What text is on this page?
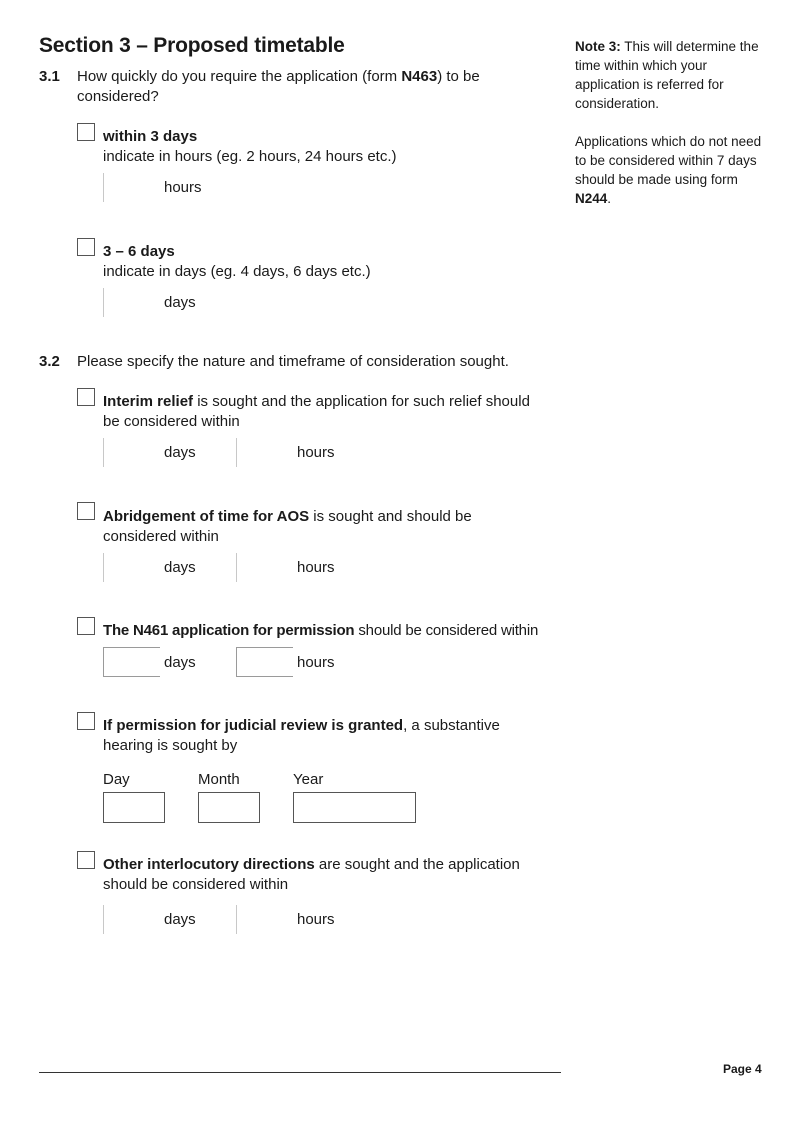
Section 3 – Proposed timetable
3.1 How quickly do you require the application (form N463) to be considered?
within 3 days
indicate in hours (eg. 2 hours, 24 hours etc.)
hours
3 – 6 days
indicate in days (eg. 4 days, 6 days etc.)
days
3.2 Please specify the nature and timeframe of consideration sought.
Interim relief is sought and the application for such relief should be considered within
days	hours
Abridgement of time for AOS is sought and should be considered within
days	hours
The N461 application for permission should be considered within
days	hours
If permission for judicial review is granted, a substantive hearing is sought by
Day	Month	Year
Other interlocutory directions are sought and the application should be considered within
days	hours

Note 3: This will determine the time within which your application is referred for consideration.

Applications which do not need to be considered within 7 days should be made using form N244.

Page 4
